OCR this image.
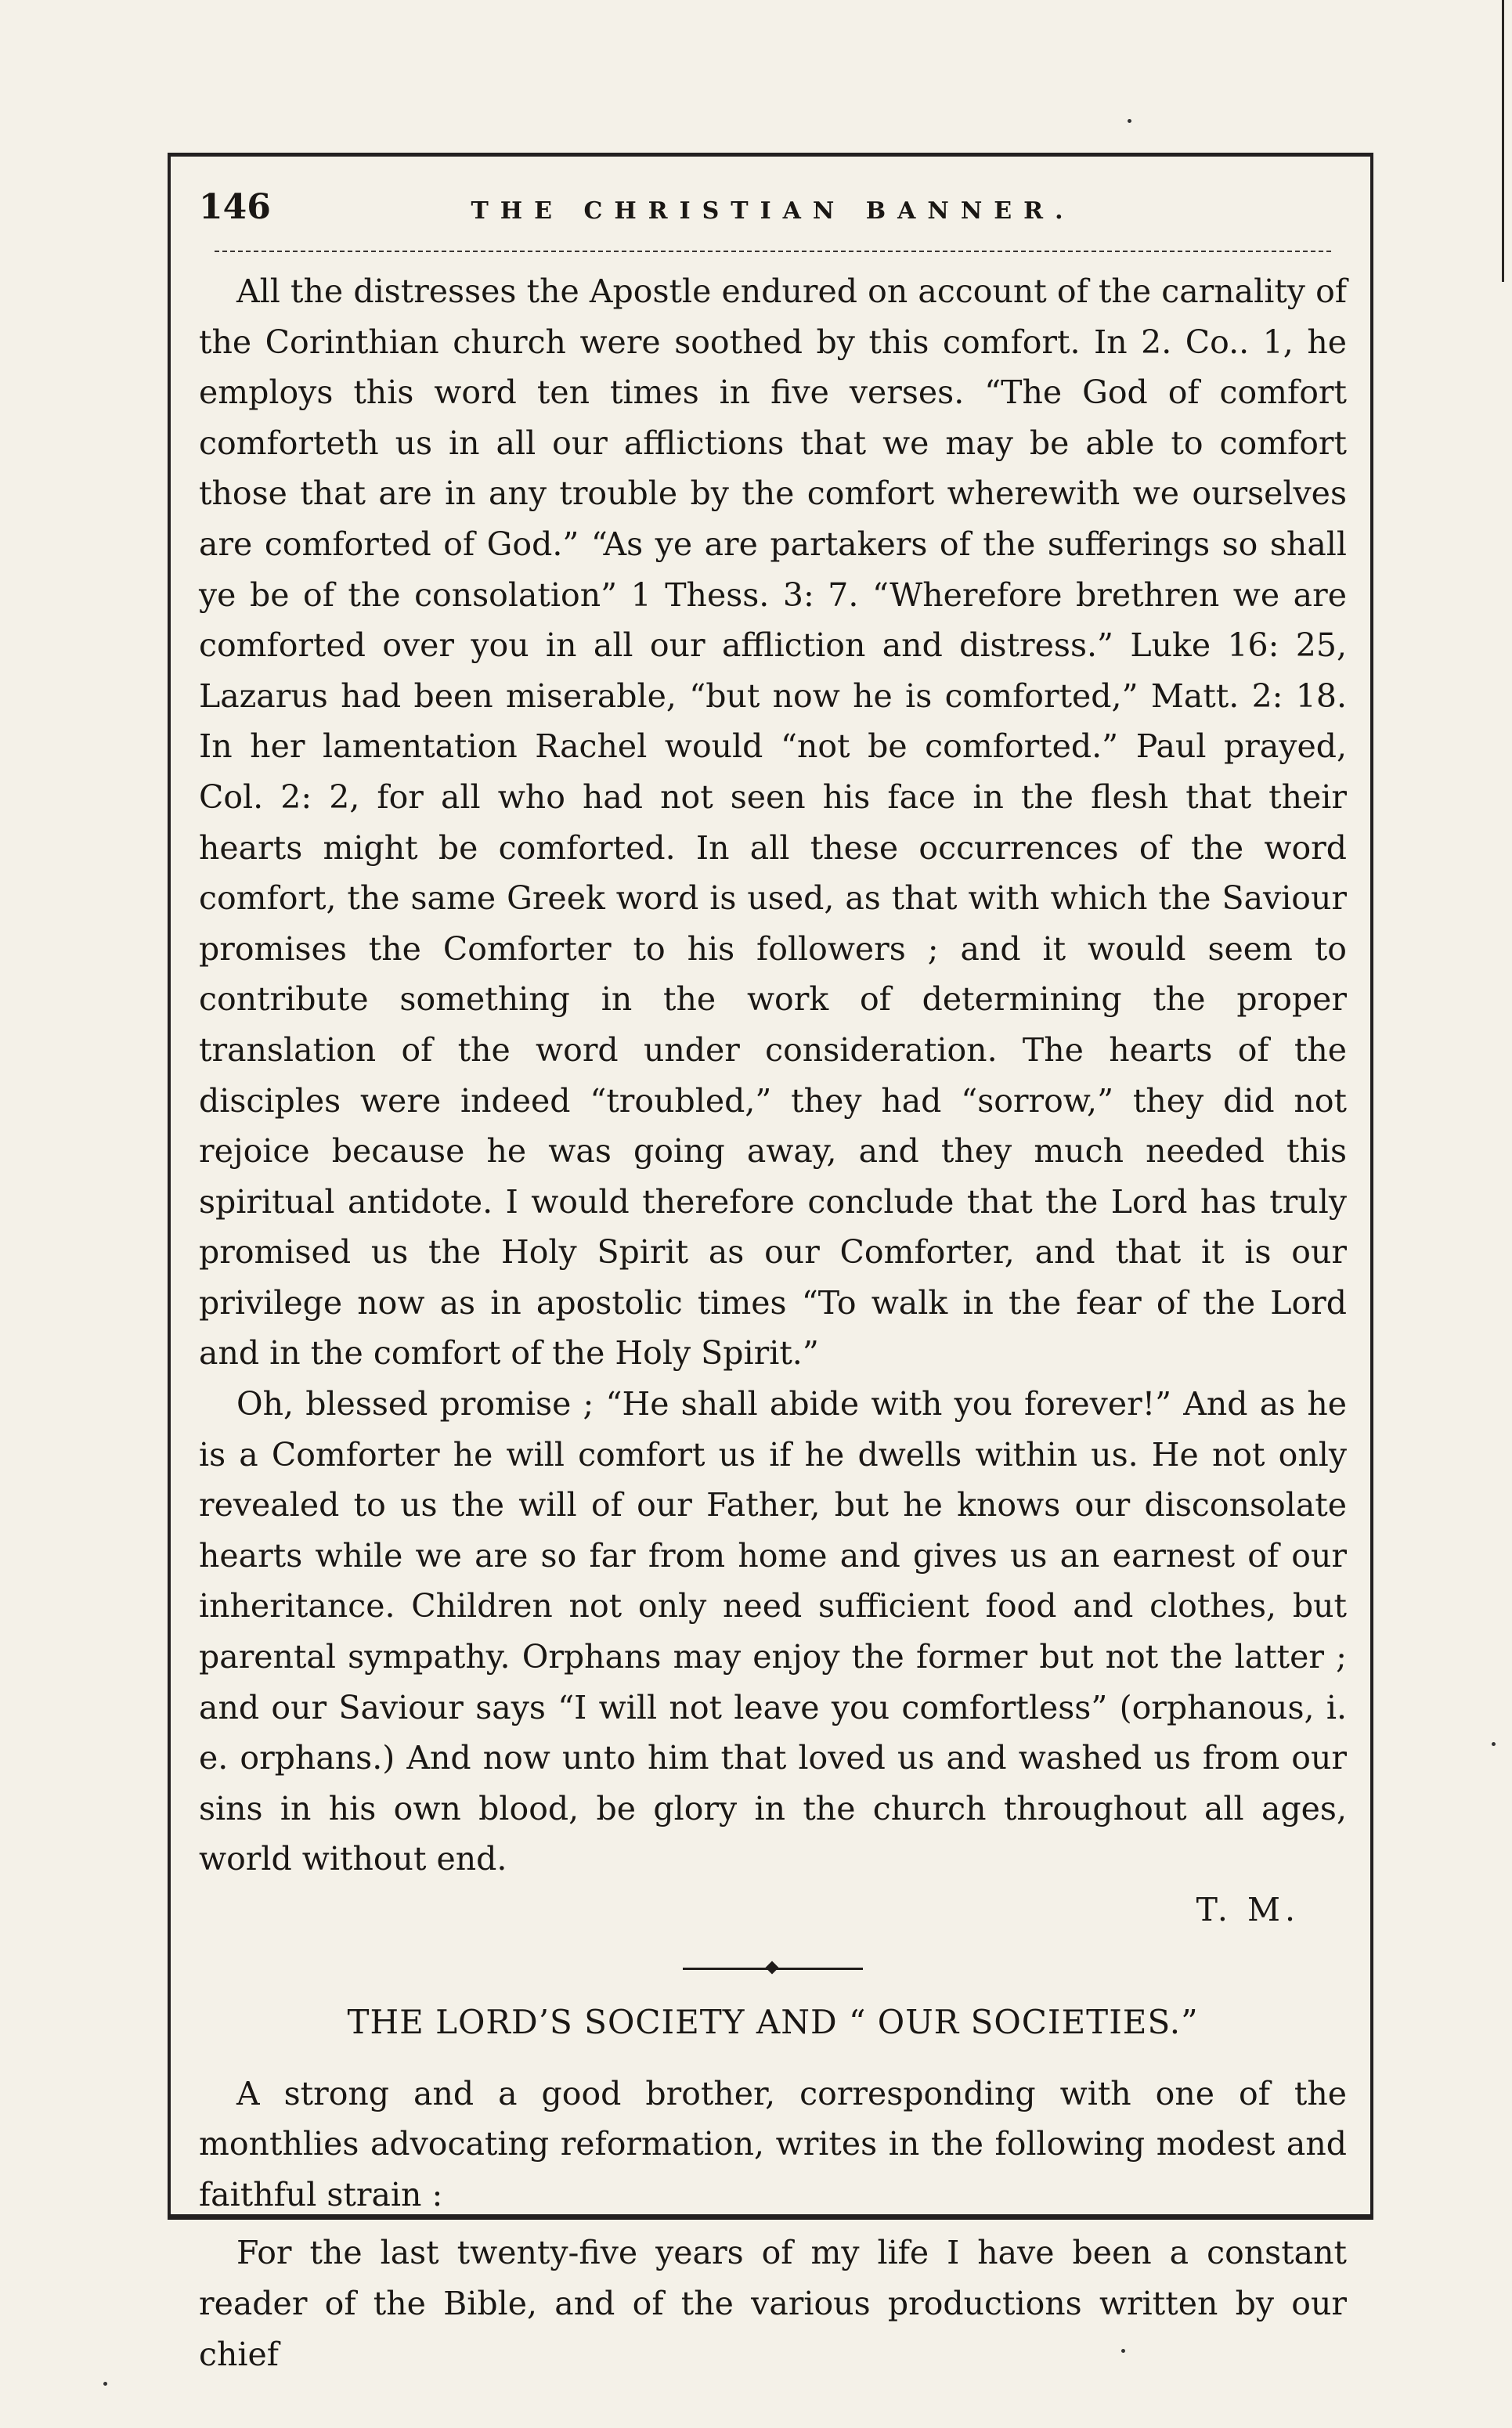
146	THE CHRISTIAN BANNER.

All the distresses the Apostle endured on account of the carnality of the Corinthian church were soothed by this comfort. In 2. Co.. 1, he employs this word ten times in five verses. “The God of comfort comforteth us in all our afflictions that we may be able to comfort those that are in any trouble by the comfort wherewith we ourselves are comforted of God.” “As ye are partakers of the sufferings so shall ye be of the consolation” 1 Thess. 3: 7. “Wherefore brethren we are comforted over you in all our affliction and distress.” Luke 16: 25, Lazarus had been miserable, “but now he is comforted,” Matt. 2: 18. In her lamentation Rachel would “not be comforted.” Paul prayed, Col. 2: 2, for all who had not seen his face in the flesh that their hearts might be comforted. In all these occurrences of the word comfort, the same Greek word is used, as that with which the Saviour promises the Comforter to his followers ; and it would seem to contribute something in the work of determining the proper translation of the word under consideration. The hearts of the disciples were indeed “troubled,” they had “sorrow,” they did not rejoice because he was going away, and they much needed this spiritual antidote. I would therefore conclude that the Lord has truly promised us the Holy Spirit as our Comforter, and that it is our privilege now as in apostolic times “To walk in the fear of the Lord and in the comfort of the Holy Spirit.”

Oh, blessed promise ; “He shall abide with you forever!” And as he is a Comforter he will comfort us if he dwells within us. He not only revealed to us the will of our Father, but he knows our disconsolate hearts while we are so far from home and gives us an earnest of our inheritance. Children not only need sufficient food and clothes, but parental sympathy. Orphans may enjoy the former but not the latter ; and our Saviour says “I will not leave you comfortless” (orphanous, i. e. orphans.) And now unto him that loved us and washed us from our sins in his own blood, be glory in the church throughout all ages, world without end.

T. M.
THE LORD’S SOCIETY AND “ OUR SOCIETIES.”

A strong and a good brother, corresponding with one of the monthlies advocating reformation, writes in the following modest and faithful strain :

For the last twenty-five years of my life I have been a constant reader of the Bible, and of the various productions written by our chief
